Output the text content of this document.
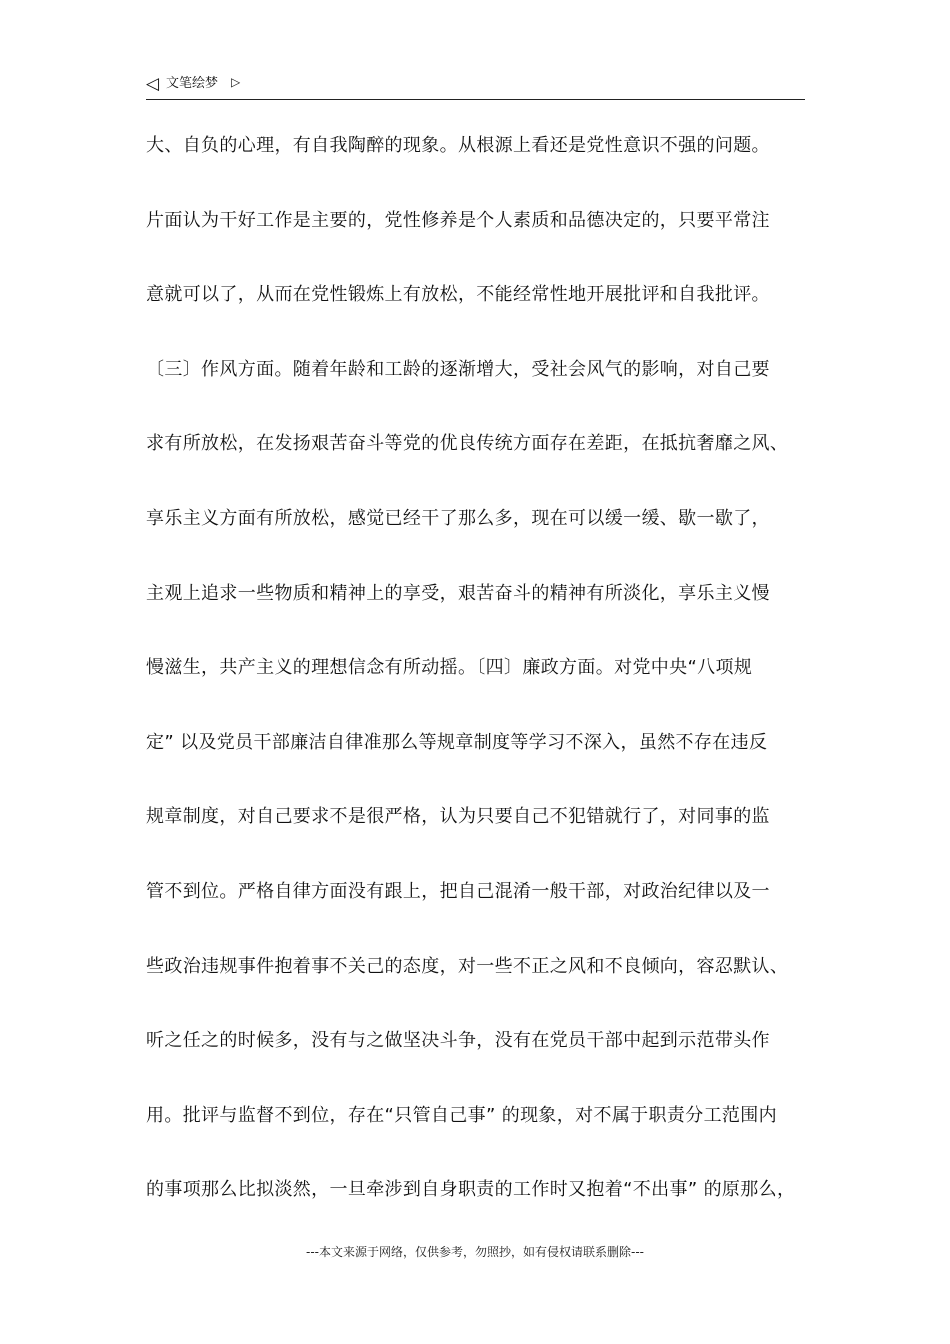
◁ 文笔绘梦 ▷
大、自负的心理，有自我陶醉的现象。从根源上看还是党性意识不强的问题。
片面认为干好工作是主要的，党性修养是个人素质和品德决定的，只要平常注
意就可以了，从而在党性锻炼上有放松，不能经常性地开展批评和自我批评。
〔三〕作风方面。随着年龄和工龄的逐渐增大，受社会风气的影响，对自己要
求有所放松，在发扬艰苦奋斗等党的优良传统方面存在差距，在抵抗奢靡之风、
享乐主义方面有所放松，感觉已经干了那么多，现在可以缓一缓、歇一歇了，
主观上追求一些物质和精神上的享受，艰苦奋斗的精神有所淡化，享乐主义慢
慢滋生，共产主义的理想信念有所动摇。〔四〕廉政方面。对党中央“八项规
定” 以及党员干部廉洁自律准那么等规章制度等学习不深入，虽然不存在违反
规章制度，对自己要求不是很严格，认为只要自己不犯错就行了，对同事的监
管不到位。严格自律方面没有跟上，把自己混淆一般干部，对政治纪律以及一
些政治违规事件抱着事不关己的态度，对一些不正之风和不良倾向，容忍默认、
听之任之的时候多，没有与之做坚决斗争，没有在党员干部中起到示范带头作
用。批评与监督不到位，存在“只管自己事” 的现象，对不属于职责分工范围内
的事项那么比拟淡然，一旦牵涉到自身职责的工作时又抱着“不出事” 的原那么，
---本文来源于网络，仅供参考，勿照抄，如有侵权请联系删除---
